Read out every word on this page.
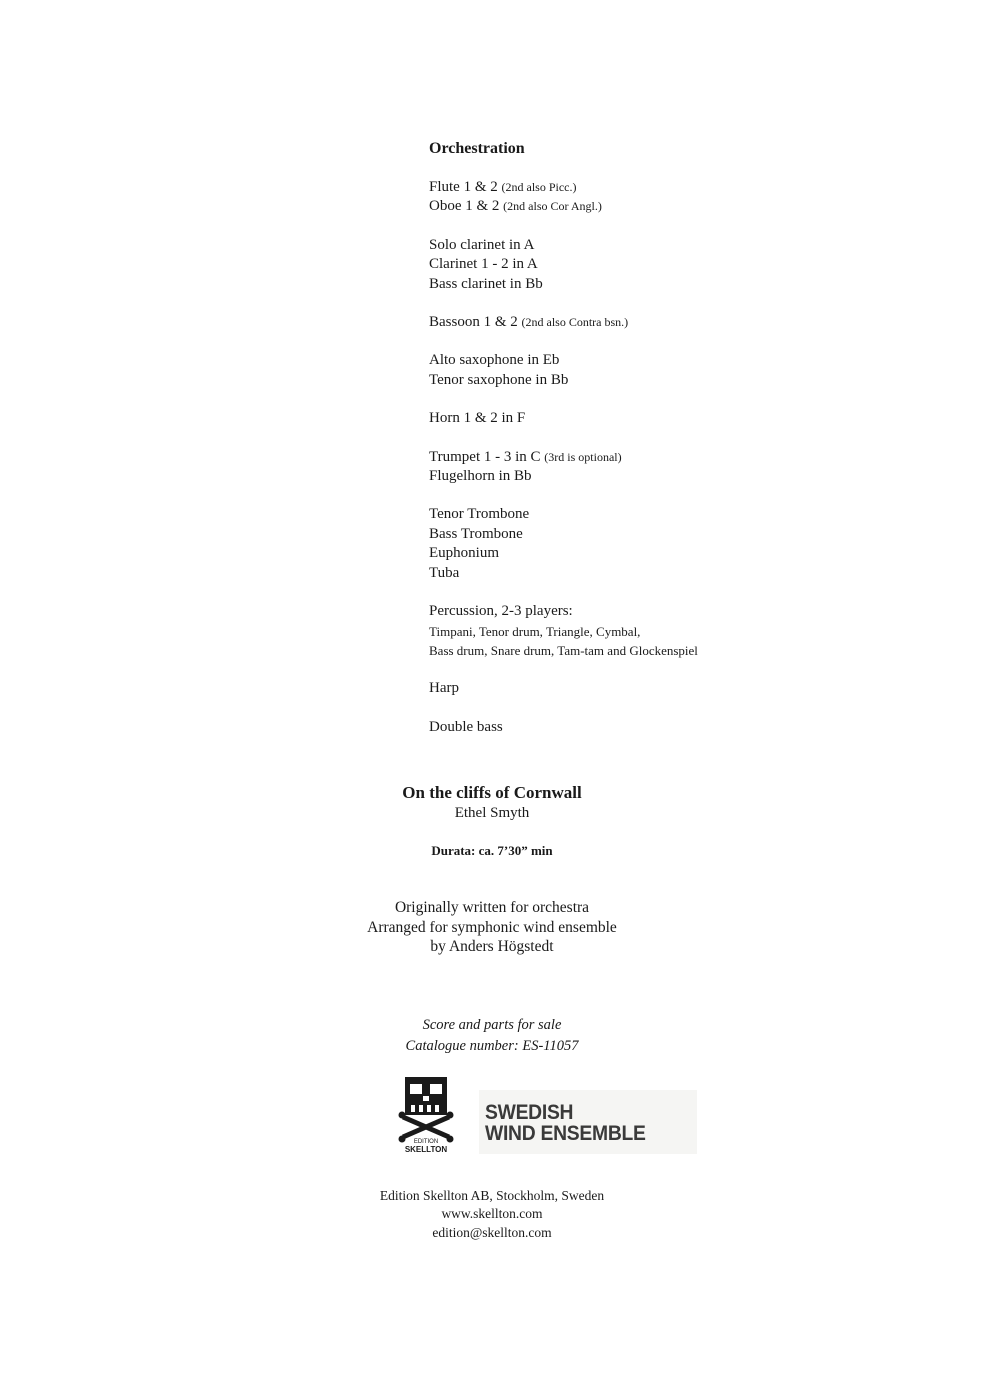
Orchestration
Flute 1 & 2 (2nd also Picc.)
Oboe 1 & 2 (2nd also Cor Angl.)
Solo clarinet in A
Clarinet 1 - 2 in A
Bass clarinet in Bb
Bassoon 1 & 2 (2nd also Contra bsn.)
Alto saxophone in Eb
Tenor saxophone in Bb
Horn 1 & 2 in F
Trumpet 1 - 3 in C (3rd is optional)
Flugelhorn in Bb
Tenor Trombone
Bass Trombone
Euphonium
Tuba
Percussion, 2-3 players:
Timpani, Tenor drum, Triangle, Cymbal,
Bass drum, Snare drum, Tam-tam and Glockenspiel
Harp
Double bass
On the cliffs of Cornwall
Ethel Smyth
Durata: ca. 7’30” min
Originally written for orchestra
Arranged for symphonic wind ensemble
by Anders Högstedt
Score and parts for sale
Catalogue number: ES-11057
EDITION
SKELLTON
SWEDISH
WIND ENSEMBLE
Edition Skellton AB, Stockholm, Sweden
www.skellton.com
edition@skellton.com
